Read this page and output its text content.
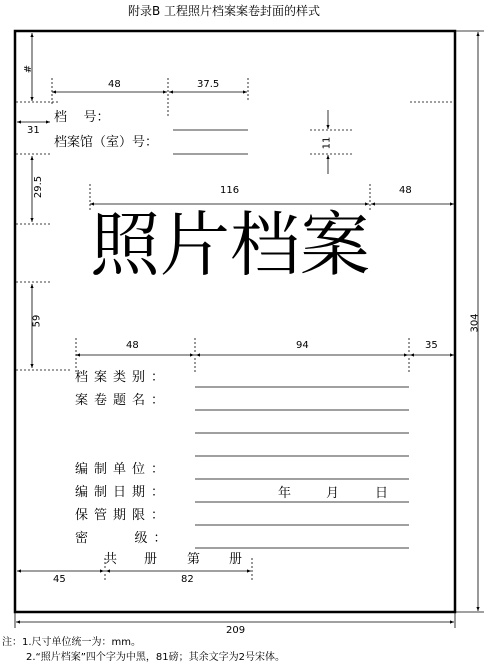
附录B 工程照片档案案卷封面的样式
#
48	37.5
31
11
29.5	116	48
59
48	94	35
45	82
209
304
档    号：
档案馆（室）号：
照片档案
档案类别：
案卷题名：
编制单位：
编制日期：
保管期限：
密    级：
年	月	日
共 册 第 册
注：1.尺寸单位统一为：mm。
2.“照片档案”四个字为中黑，81磅；其余文字为2号宋体。
